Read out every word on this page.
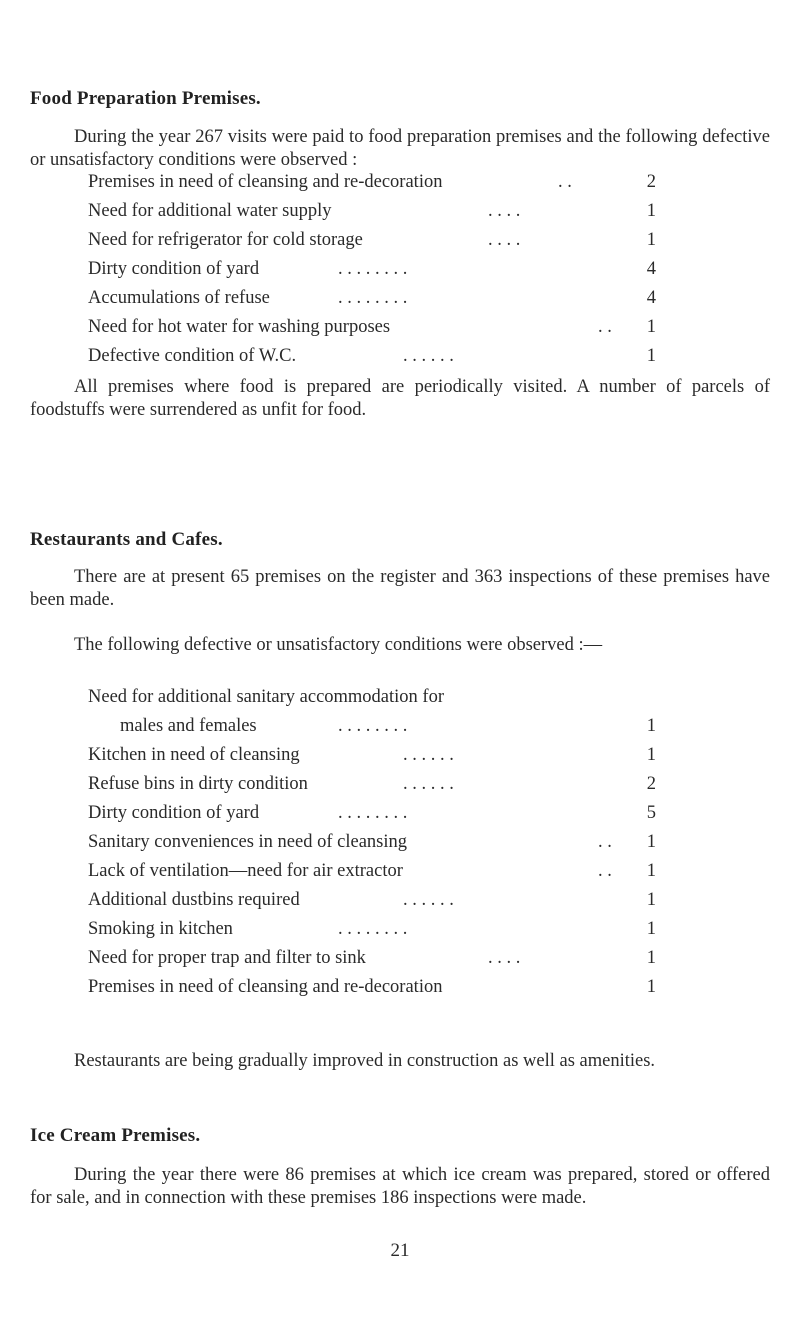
Food Preparation Premises.
During the year 267 visits were paid to food preparation premises and the following defective or unsatisfactory conditions were observed :
Premises in need of cleansing and re-decoration	. .	2
Need for additional water supply	. . . .	1
Need for refrigerator for cold storage	. . . .	1
Dirty condition of yard	. . . . . . . .	4
Accumulations of refuse	. . . . . . . .	4
Need for hot water for washing purposes	. .	1
Defective condition of W.C.	. . . . . .	1
All premises where food is prepared are periodically visited. A number of parcels of foodstuffs were surrendered as unfit for food.
Restaurants and Cafes.
There are at present 65 premises on the register and 363 inspections of these premises have been made.
The following defective or unsatisfactory conditions were observed :—
Need for additional sanitary accommodation for
males and females	. . . . . . . .	1
Kitchen in need of cleansing	. . . . . .	1
Refuse bins in dirty condition	. . . . . .	2
Dirty condition of yard	. . . . . . . .	5
Sanitary conveniences in need of cleansing	. .	1
Lack of ventilation—need for air extractor	. .	1
Additional dustbins required	. . . . . .	1
Smoking in kitchen	. . . . . . . .	1
Need for proper trap and filter to sink	. . . .	1
Premises in need of cleansing and re-decoration	1
Restaurants are being gradually improved in construction as well as amenities.
Ice Cream Premises.
During the year there were 86 premises at which ice cream was prepared, stored or offered for sale, and in connection with these premises 186 inspections were made.
21
